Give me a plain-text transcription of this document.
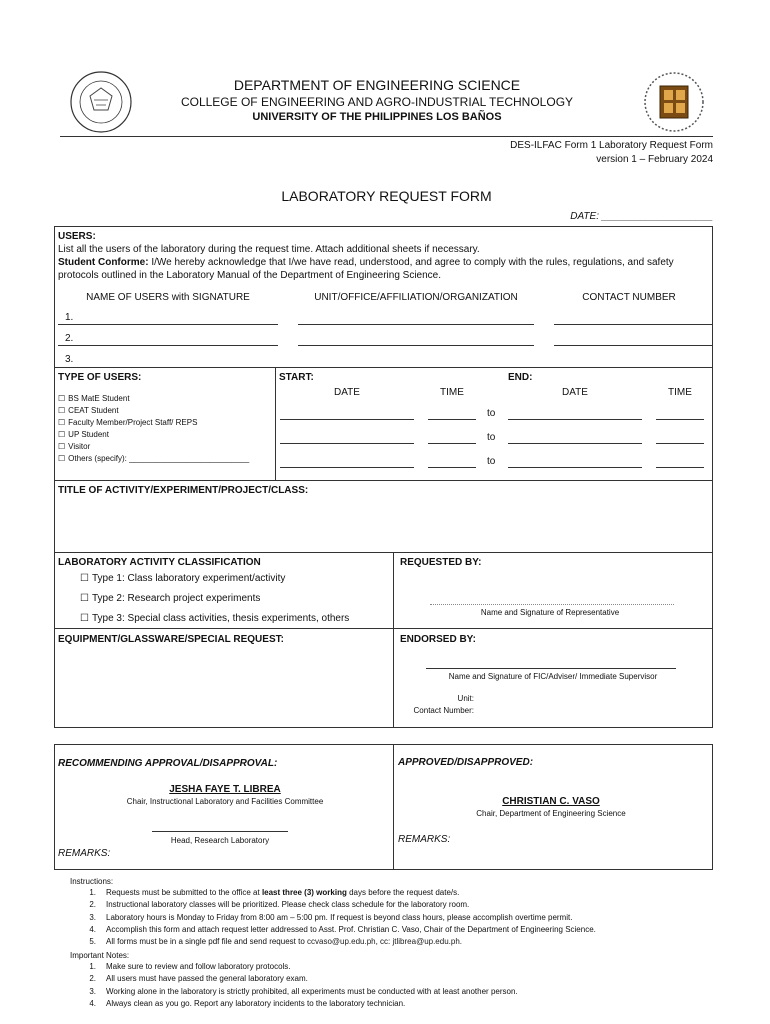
DEPARTMENT OF ENGINEERING SCIENCE
COLLEGE OF ENGINEERING AND AGRO-INDUSTRIAL TECHNOLOGY
UNIVERSITY OF THE PHILIPPINES LOS BAÑOS
DES-ILFAC Form 1 Laboratory Request Form
version 1 – February 2024
LABORATORY REQUEST FORM
DATE: ____________________
USERS:
List all the users of the laboratory during the request time. Attach additional sheets if necessary.
Student Conforme: I/We hereby acknowledge that I/we have read, understood, and agree to comply with the rules, regulations, and safety
protocols outlined in the Laboratory Manual of the Department of Engineering Science.
NAME OF USERS with SIGNATURE	UNIT/OFFICE/AFFILIATION/ORGANIZATION	CONTACT NUMBER
1.
2.
3.
TYPE OF USERS:
☐ BS MatE Student
☐ CEAT Student
☐ Faculty Member/Project Staff/ REPS
☐ UP Student
☐ Visitor
☐ Others (specify): ___________________________
START:	END:
DATE	TIME	DATE	TIME
to
to
to
TITLE OF ACTIVITY/EXPERIMENT/PROJECT/CLASS:
LABORATORY ACTIVITY CLASSIFICATION
☐ Type 1: Class laboratory experiment/activity
☐ Type 2: Research project experiments
☐ Type 3: Special class activities, thesis experiments, others
REQUESTED BY:
Name and Signature of Representative
EQUIPMENT/GLASSWARE/SPECIAL REQUEST:	ENDORSED BY:
Name and Signature of FIC/Adviser/ Immediate Supervisor
Unit:
Contact Number:
RECOMMENDING APPROVAL/DISAPPROVAL:
JESHA FAYE T. LIBREA
Chair, Instructional Laboratory and Facilities Committee
Head, Research Laboratory
REMARKS:
APPROVED/DISAPPROVED:
CHRISTIAN C. VASO
Chair, Department of Engineering Science
REMARKS:
Instructions:
1. Requests must be submitted to the office at least three (3) working days before the request date/s.
2. Instructional laboratory classes will be prioritized. Please check class schedule for the laboratory room.
3. Laboratory hours is Monday to Friday from 8:00 am – 5:00 pm. If request is beyond class hours, please accomplish overtime permit.
4. Accomplish this form and attach request letter addressed to Asst. Prof. Christian C. Vaso, Chair of the Department of Engineering Science.
5. All forms must be in a single pdf file and send request to ccvaso@up.edu.ph, cc: jtlibrea@up.edu.ph.
Important Notes:
1. Make sure to review and follow laboratory protocols.
2. All users must have passed the general laboratory exam.
3. Working alone in the laboratory is strictly prohibited, all experiments must be conducted with at least another person.
4. Always clean as you go. Report any laboratory incidents to the laboratory technician.
